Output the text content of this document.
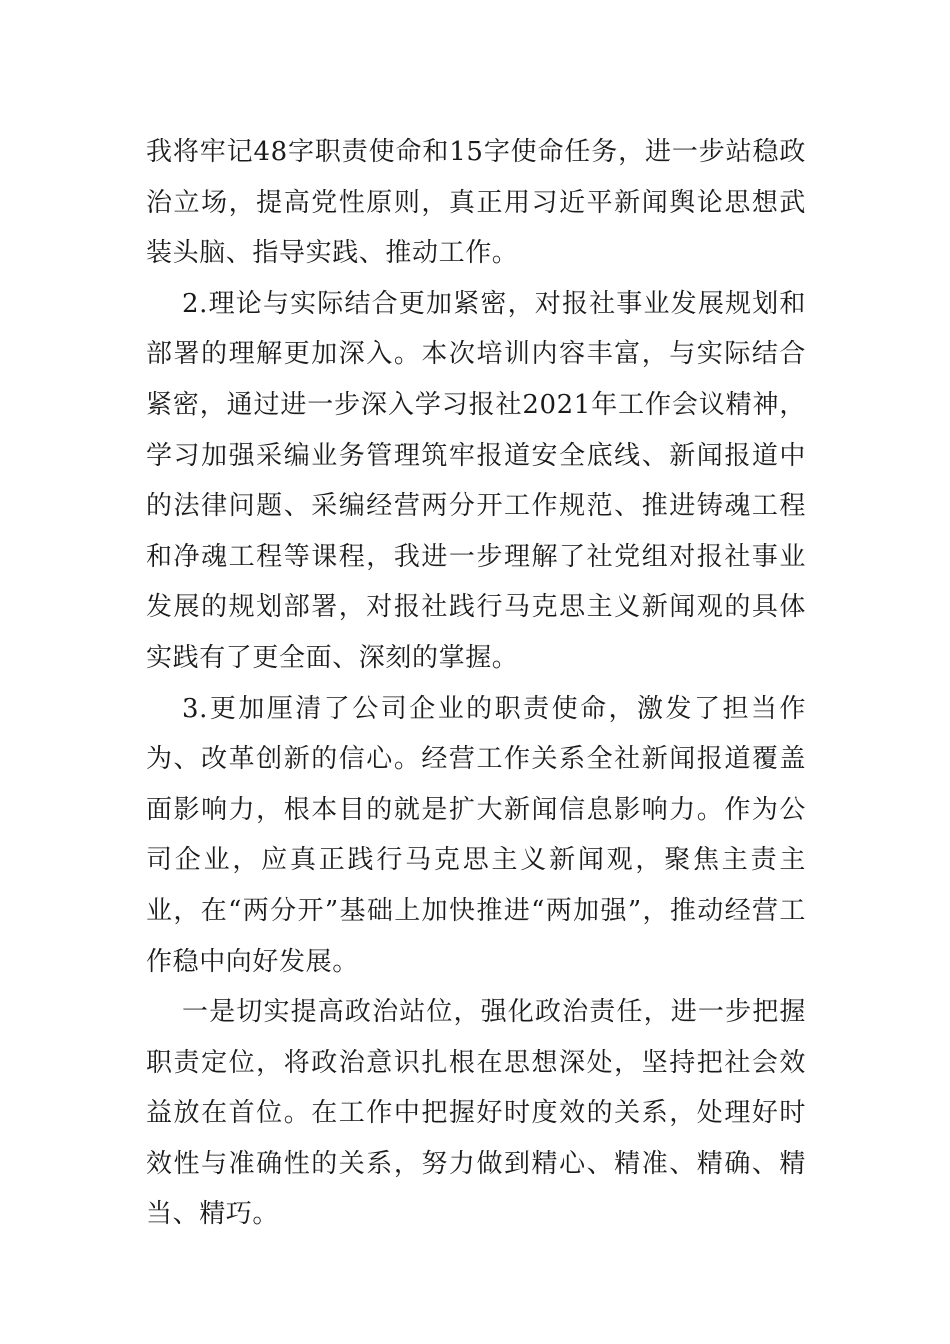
我将牢记48字职责使命和15字使命任务，进一步站稳政治立场，提高党性原则，真正用习近平新闻舆论思想武装头脑、指导实践、推动工作。

2.理论与实际结合更加紧密，对报社事业发展规划和部署的理解更加深入。本次培训内容丰富，与实际结合紧密，通过进一步深入学习报社2021年工作会议精神，学习加强采编业务管理筑牢报道安全底线、新闻报道中的法律问题、采编经营两分开工作规范、推进铸魂工程和净魂工程等课程，我进一步理解了社党组对报社事业发展的规划部署，对报社践行马克思主义新闻观的具体实践有了更全面、深刻的掌握。

3.更加厘清了公司企业的职责使命，激发了担当作为、改革创新的信心。经营工作关系全社新闻报道覆盖面影响力，根本目的就是扩大新闻信息影响力。作为公司企业，应真正践行马克思主义新闻观，聚焦主责主业，在“两分开”基础上加快推进“两加强”，推动经营工作稳中向好发展。

一是切实提高政治站位，强化政治责任，进一步把握职责定位，将政治意识扎根在思想深处，坚持把社会效益放在首位。在工作中把握好时度效的关系，处理好时效性与准确性的关系，努力做到精心、精准、精确、精当、精巧。
